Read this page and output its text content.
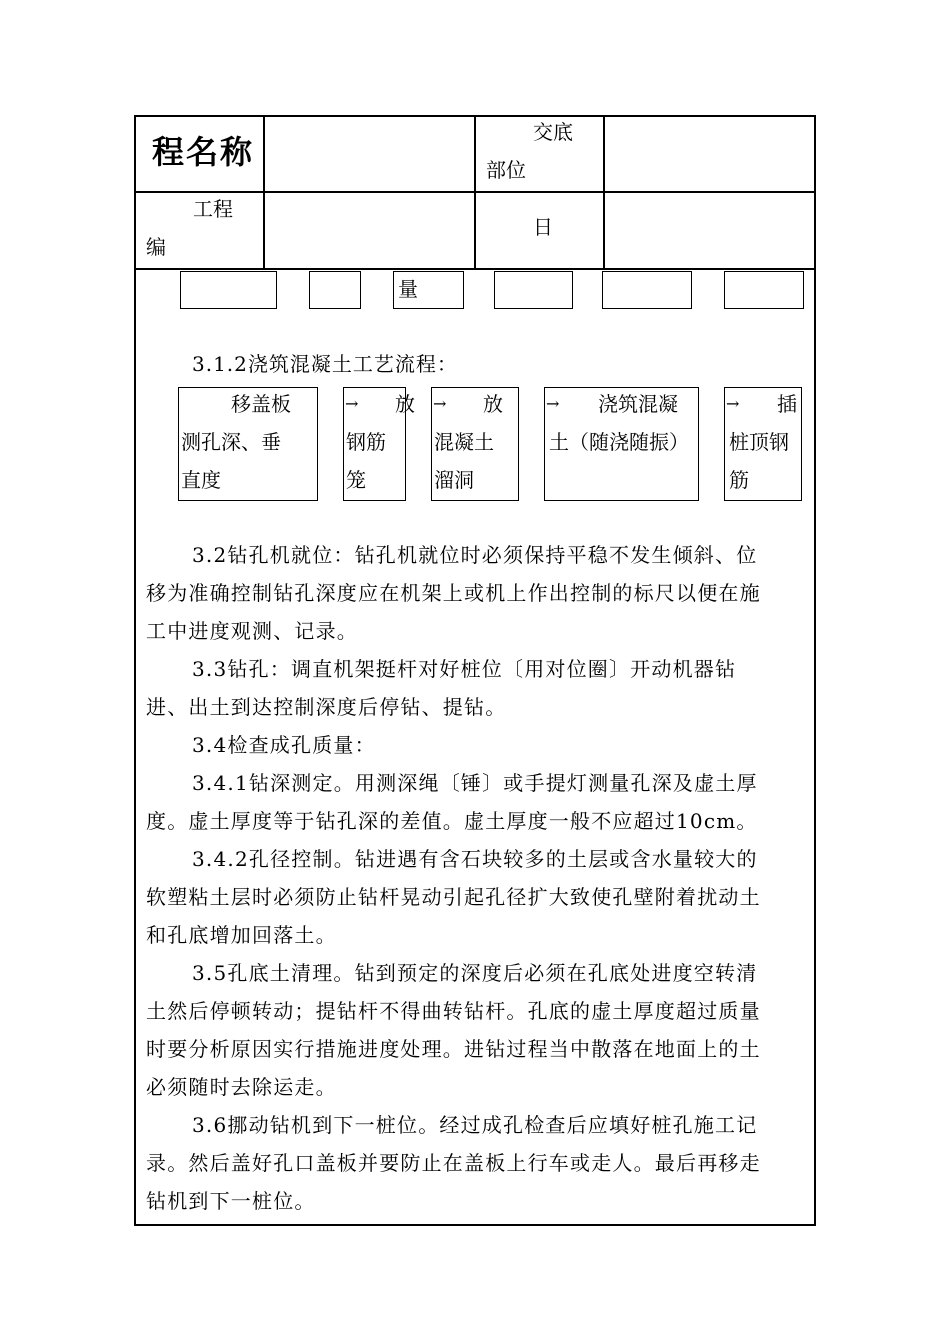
程名称
交底
部位
工程
编
日
量
3.1.2浇筑混凝土工艺流程：
移盖板
测孔深、垂
直度
→ 放
钢筋
笼
→ 放
混凝土
溜洞
→ 浇筑混凝
土（随浇随振）
→ 插
桩顶钢
筋
3.2钻孔机就位：钻孔机就位时必须保持平稳不发生倾斜、位
移为准确控制钻孔深度应在机架上或机上作出控制的标尺以便在施
工中进度观测、记录。
3.3钻孔：调直机架挺杆对好桩位〔用对位圈〕开动机器钻
进、出土到达控制深度后停钻、提钻。
3.4检查成孔质量：
3.4.1钻深测定。用测深绳〔锤〕或手提灯测量孔深及虚土厚
度。虚土厚度等于钻孔深的差值。虚土厚度一般不应超过10cm。
3.4.2孔径控制。钻进遇有含石块较多的土层或含水量较大的
软塑粘土层时必须防止钻杆晃动引起孔径扩大致使孔壁附着扰动土
和孔底增加回落土。
3.5孔底土清理。钻到预定的深度后必须在孔底处进度空转清
土然后停顿转动；提钻杆不得曲转钻杆。孔底的虚土厚度超过质量
时要分析原因实行措施进度处理。进钻过程当中散落在地面上的土
必须随时去除运走。
3.6挪动钻机到下一桩位。经过成孔检查后应填好桩孔施工记
录。然后盖好孔口盖板并要防止在盖板上行车或走人。最后再移走
钻机到下一桩位。
